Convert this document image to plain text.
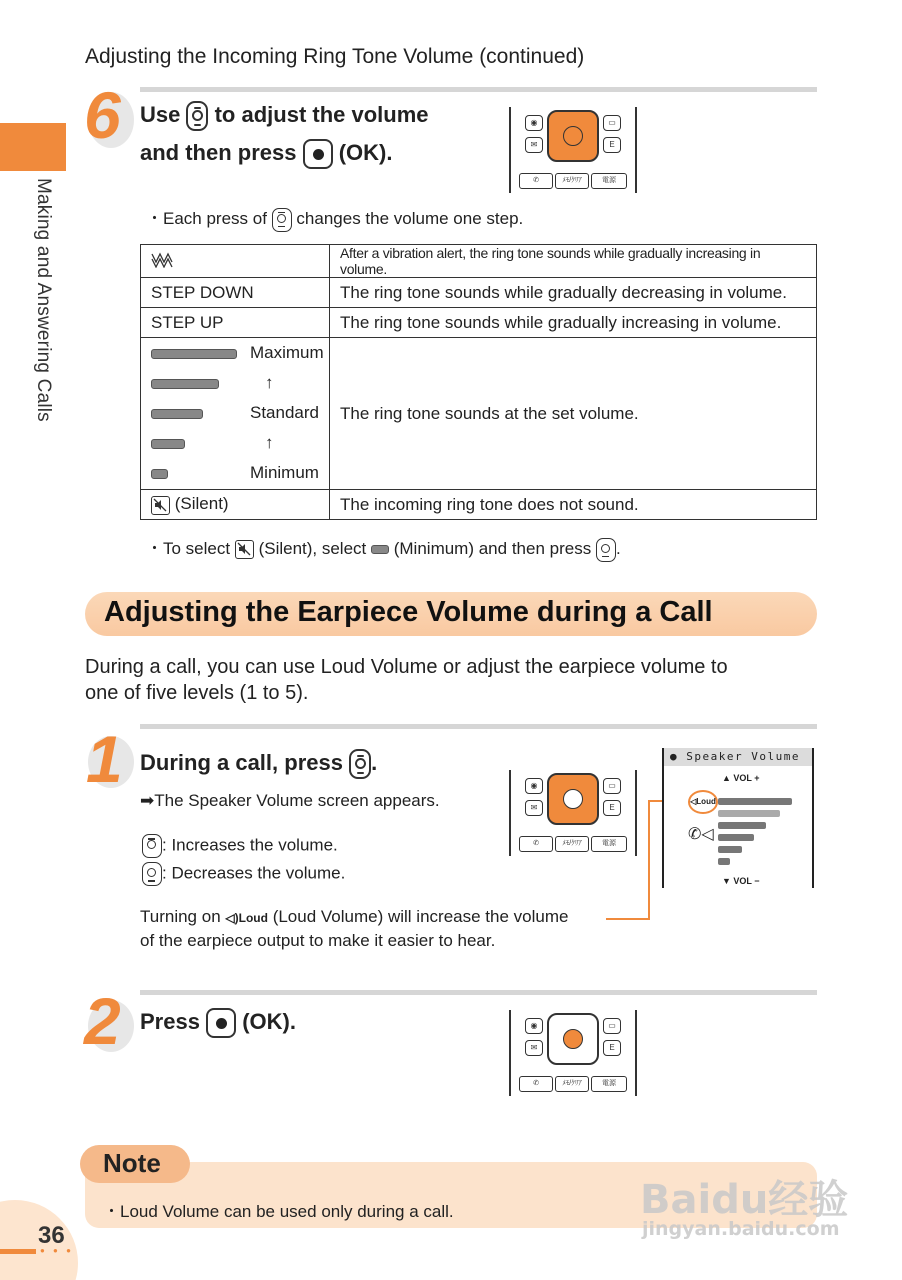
Adjusting the Incoming Ring Tone Volume (continued)
Making and Answering Calls
6 Use to adjust the volume
and then press (OK).
◉
✉
▭
E
✆	ﾒﾓ/ｸﾘｱ	電源
・Each press of changes the volume one step.
	After a vibration alert, the ring tone sounds while gradually increasing in volume.
STEP DOWN	The ring tone sounds while gradually decreasing in volume.
STEP UP	The ring tone sounds while gradually increasing in volume.

Maximum
↑
Standard
↑
Minimum	The ring tone sounds at the set volume.

(Silent)	The incoming ring tone does not sound.
・To select (Silent), select (Minimum) and then press .
Adjusting the Earpiece Volume during a Call
During a call, you can use Loud Volume or adjust the earpiece volume to
one of five levels (1 to 5).
1 During a call, press .
➡The Speaker Volume screen appears.
: Increases the volume.
: Decreases the volume.
Turning on ◁)Loud (Loud Volume) will increase the volume
of the earpiece output to make it easier to hear.
◉
✉
▭
E
✆	ﾒﾓ/ｸﾘｱ	電源
● Speaker Volume
▲ VOL +
◁Loud
✆◁
▼ VOL −
2 Press (OK).	◉
✉
▭
E
✆	ﾒﾓ/ｸﾘｱ	電源
Note
・Loud Volume can be used only during a call.	Baidu经验
jingyan.baidu.com
36
● ● ●
